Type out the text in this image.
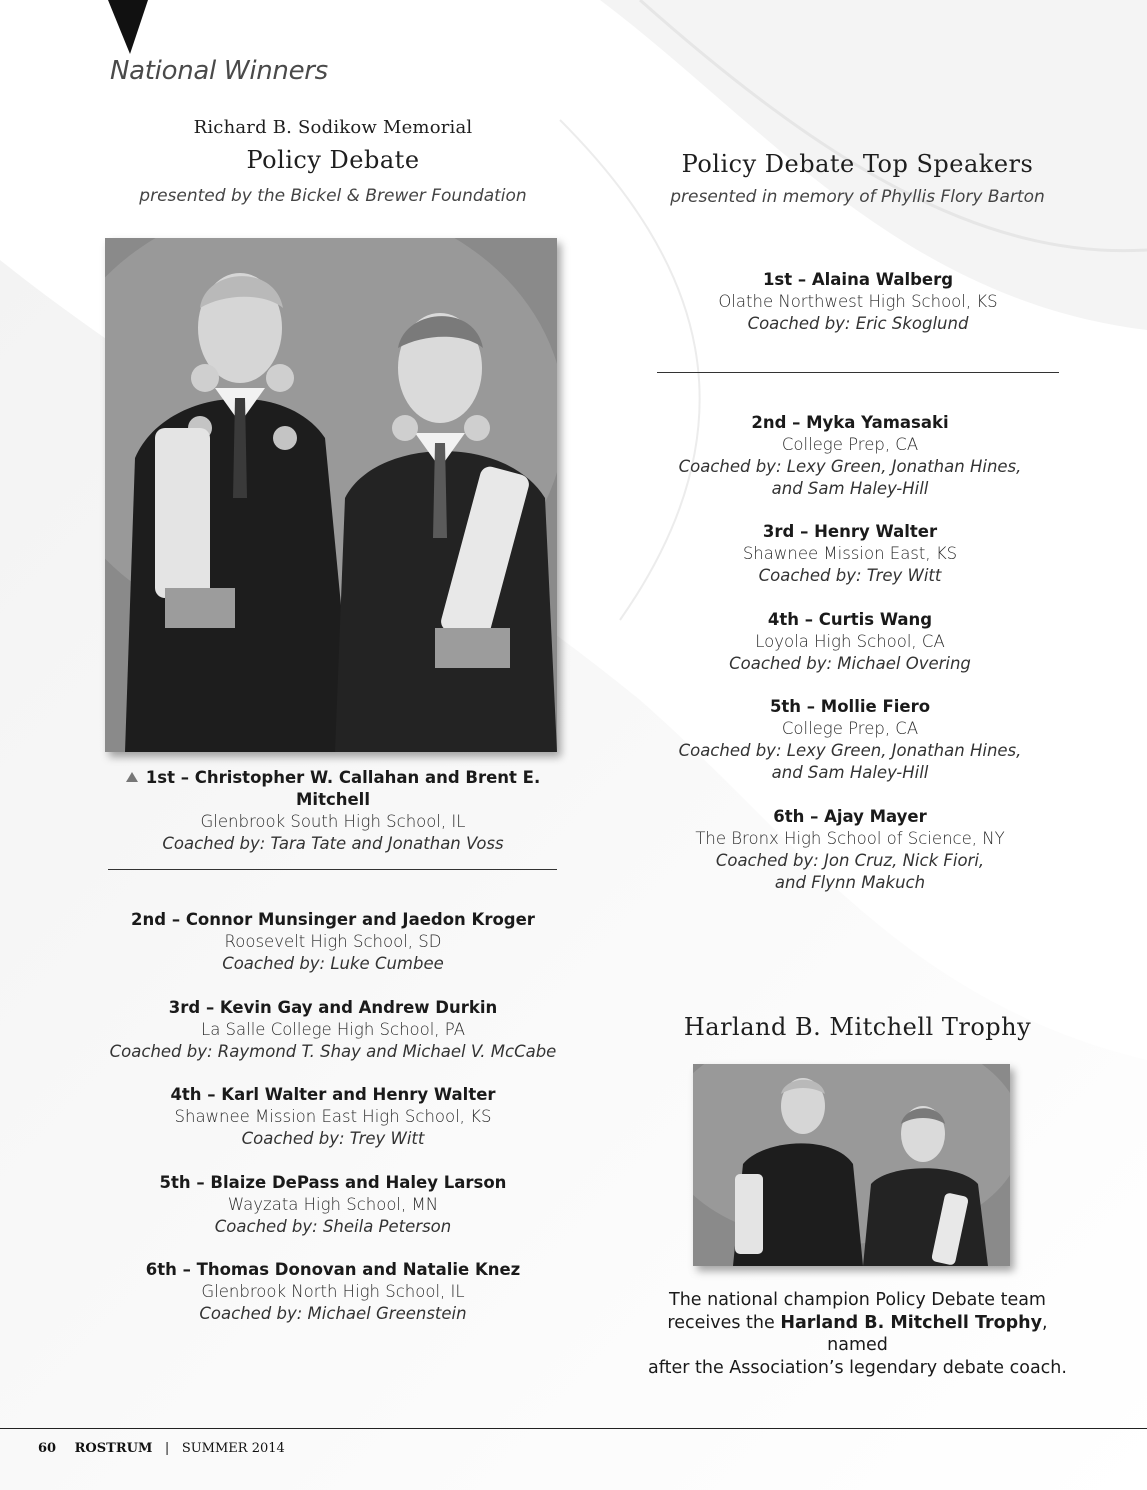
National Winners
Richard B. Sodikow Memorial
Policy Debate
presented by the Bickel & Brewer Foundation
1st – Christopher W. Callahan and Brent E. Mitchell
Glenbrook South High School, IL
Coached by: Tara Tate and Jonathan Voss
2nd – Connor Munsinger and Jaedon Kroger
Roosevelt High School, SD
Coached by: Luke Cumbee
3rd – Kevin Gay and Andrew Durkin
La Salle College High School, PA
Coached by: Raymond T. Shay and Michael V. McCabe
4th – Karl Walter and Henry Walter
Shawnee Mission East High School, KS
Coached by: Trey Witt
5th – Blaize DePass and Haley Larson
Wayzata High School, MN
Coached by: Sheila Peterson
6th – Thomas Donovan and Natalie Knez
Glenbrook North High School, IL
Coached by: Michael Greenstein
Policy Debate Top Speakers
presented in memory of Phyllis Flory Barton
1st – Alaina Walberg
Olathe Northwest High School, KS
Coached by: Eric Skoglund
2nd – Myka Yamasaki
College Prep, CA
Coached by: Lexy Green, Jonathan Hines,
and Sam Haley-Hill
3rd – Henry Walter
Shawnee Mission East, KS
Coached by: Trey Witt
4th – Curtis Wang
Loyola High School, CA
Coached by: Michael Overing
5th – Mollie Fiero
College Prep, CA
Coached by: Lexy Green, Jonathan Hines,
and Sam Haley-Hill
6th – Ajay Mayer
The Bronx High School of Science, NY
Coached by: Jon Cruz, Nick Fiori,
and Flynn Makuch
Harland B. Mitchell Trophy
The national champion Policy Debate team
receives the Harland B. Mitchell Trophy, named
after the Association’s legendary debate coach.
60 ROSTRUM | SUMMER 2014
